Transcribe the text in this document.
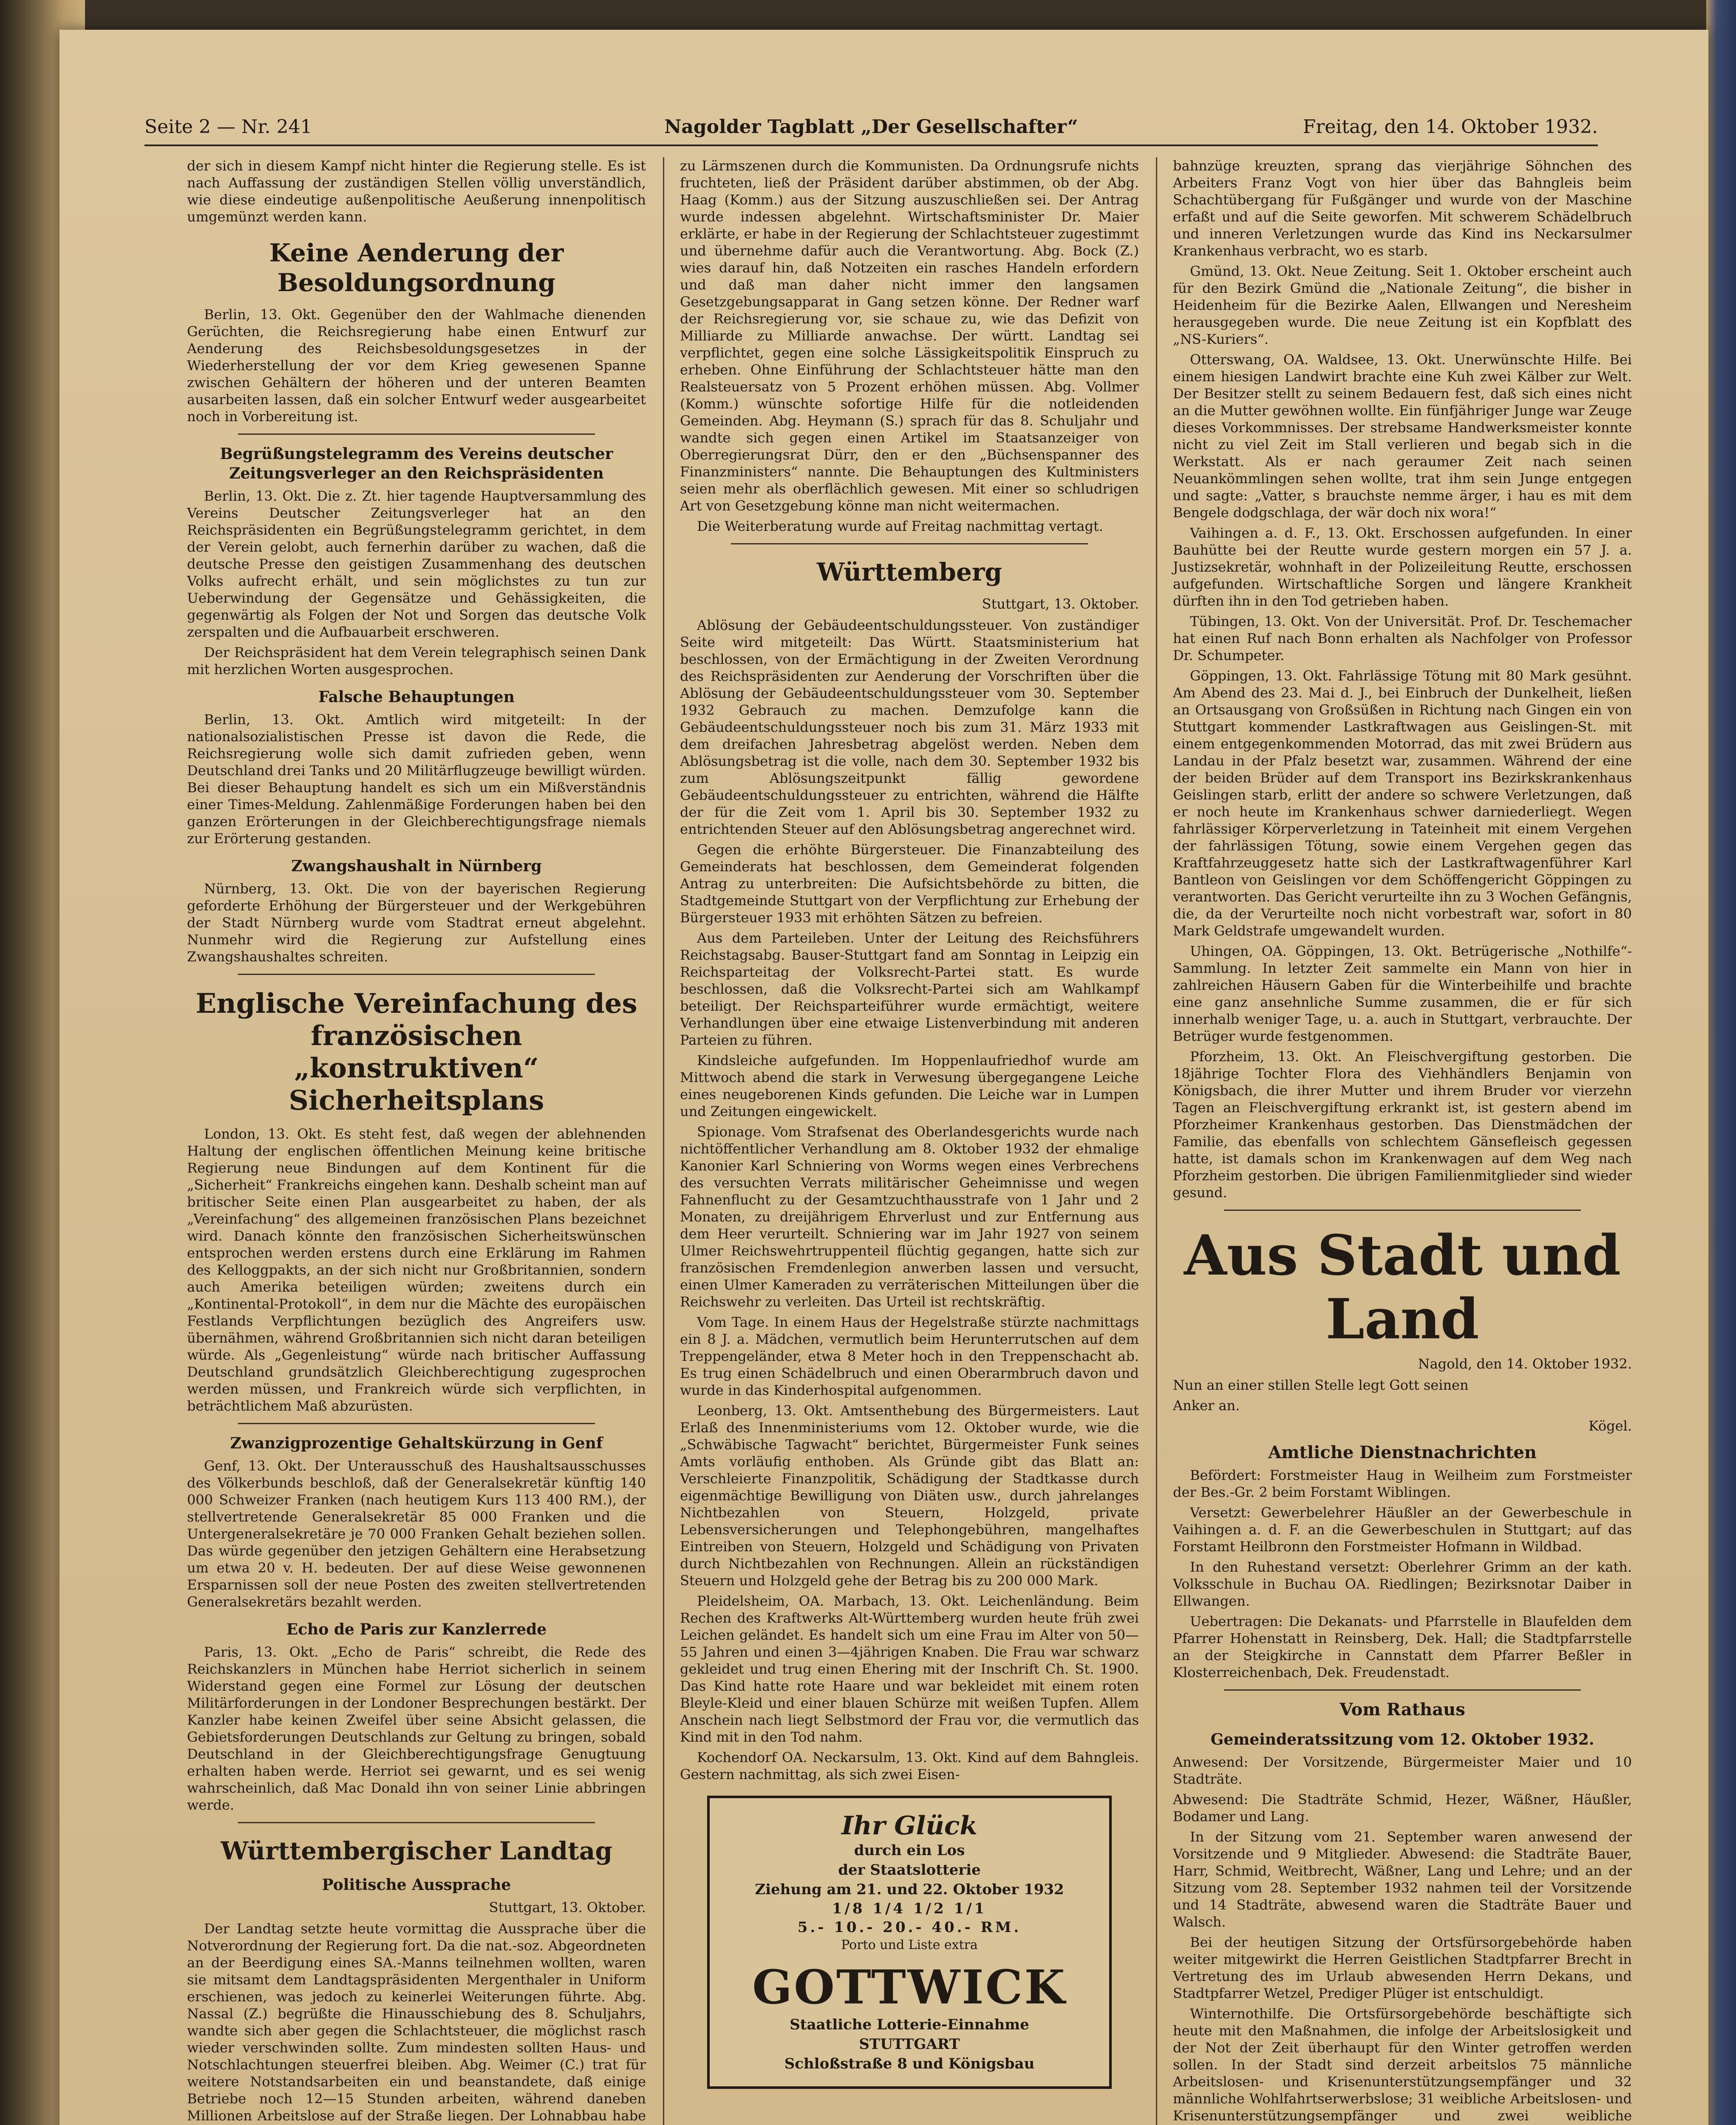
Seite 2 — Nr. 241	Nagolder Tagblatt „Der Gesellschafter“	Freitag, den 14. Oktober 1932.

der sich in diesem Kampf nicht hinter die Regierung stelle. Es ist nach Auffassung der zuständigen Stellen völlig unverständlich, wie diese eindeutige außenpolitische Aeußerung innenpolitisch umgemünzt werden kann.

Keine Aenderung der Besoldungsordnung

Berlin, 13. Okt. Gegenüber den der Wahlmache dienenden Gerüchten, die Reichsregierung habe einen Entwurf zur Aenderung des Reichsbesoldungsgesetzes in der Wiederherstellung der vor dem Krieg gewesenen Spanne zwischen Gehältern der höheren und der unteren Beamten ausarbeiten lassen, daß ein solcher Entwurf weder ausgearbeitet noch in Vorbereitung ist.

Begrüßungstelegramm des Vereins deutscher Zeitungsverleger an den Reichspräsidenten

Berlin, 13. Okt. Die z. Zt. hier tagende Hauptversammlung des Vereins Deutscher Zeitungsverleger hat an den Reichspräsidenten ein Begrüßungstelegramm gerichtet, in dem der Verein gelobt, auch fernerhin darüber zu wachen, daß die deutsche Presse den geistigen Zusammenhang des deutschen Volks aufrecht erhält, und sein möglichstes zu tun zur Ueberwindung der Gegensätze und Gehässigkeiten, die gegenwärtig als Folgen der Not und Sorgen das deutsche Volk zerspalten und die Aufbauarbeit erschweren.

Der Reichspräsident hat dem Verein telegraphisch seinen Dank mit herzlichen Worten ausgesprochen.

Falsche Behauptungen

Berlin, 13. Okt. Amtlich wird mitgeteilt: In der nationalsozialistischen Presse ist davon die Rede, die Reichsregierung wolle sich damit zufrieden geben, wenn Deutschland drei Tanks und 20 Militärflugzeuge bewilligt würden. Bei dieser Behauptung handelt es sich um ein Mißverständnis einer Times-Meldung. Zahlenmäßige Forderungen haben bei den ganzen Erörterungen in der Gleichberechtigungsfrage niemals zur Erörterung gestanden.

Zwangshaushalt in Nürnberg

Nürnberg, 13. Okt. Die von der bayerischen Regierung geforderte Erhöhung der Bürgersteuer und der Werkgebühren der Stadt Nürnberg wurde vom Stadtrat erneut abgelehnt. Nunmehr wird die Regierung zur Aufstellung eines Zwangshaushaltes schreiten.

Englische Vereinfachung des französischen „konstruktiven“ Sicherheitsplans

London, 13. Okt. Es steht fest, daß wegen der ablehnenden Haltung der englischen öffentlichen Meinung keine britische Regierung neue Bindungen auf dem Kontinent für die „Sicherheit“ Frankreichs eingehen kann. Deshalb scheint man auf britischer Seite einen Plan ausgearbeitet zu haben, der als „Vereinfachung“ des allgemeinen französischen Plans bezeichnet wird. Danach könnte den französischen Sicherheitswünschen entsprochen werden erstens durch eine Erklärung im Rahmen des Kelloggpakts, an der sich nicht nur Großbritannien, sondern auch Amerika beteiligen würden; zweitens durch ein „Kontinental-Protokoll“, in dem nur die Mächte des europäischen Festlands Verpflichtungen bezüglich des Angreifers usw. übernähmen, während Großbritannien sich nicht daran beteiligen würde. Als „Gegenleistung“ würde nach britischer Auffassung Deutschland grundsätzlich Gleichberechtigung zugesprochen werden müssen, und Frankreich würde sich verpflichten, in beträchtlichem Maß abzurüsten.

Zwanzigprozentige Gehaltskürzung in Genf

Genf, 13. Okt. Der Unterausschuß des Haushaltsausschusses des Völkerbunds beschloß, daß der Generalsekretär künftig 140 000 Schweizer Franken (nach heutigem Kurs 113 400 RM.), der stellvertretende Generalsekretär 85 000 Franken und die Untergeneralsekretäre je 70 000 Franken Gehalt beziehen sollen. Das würde gegenüber den jetzigen Gehältern eine Herabsetzung um etwa 20 v. H. bedeuten. Der auf diese Weise gewonnenen Ersparnissen soll der neue Posten des zweiten stellvertretenden Generalsekretärs bezahlt werden.

Echo de Paris zur Kanzlerrede

Paris, 13. Okt. „Echo de Paris“ schreibt, die Rede des Reichskanzlers in München habe Herriot sicherlich in seinem Widerstand gegen eine Formel zur Lösung der deutschen Militärforderungen in der Londoner Besprechungen bestärkt. Der Kanzler habe keinen Zweifel über seine Absicht gelassen, die Gebietsforderungen Deutschlands zur Geltung zu bringen, sobald Deutschland in der Gleichberechtigungsfrage Genugtuung erhalten haben werde. Herriot sei gewarnt, und es sei wenig wahrscheinlich, daß Mac Donald ihn von seiner Linie abbringen werde.

Württembergischer Landtag
Politische Aussprache
Stuttgart, 13. Oktober.

Der Landtag setzte heute vormittag die Aussprache über die Notverordnung der Regierung fort. Da die nat.-soz. Abgeordneten an der Beerdigung eines SA.-Manns teilnehmen wollten, waren sie mitsamt dem Landtagspräsidenten Mergenthaler in Uniform erschienen, was jedoch zu keinerlei Weiterungen führte. Abg. Nassal (Z.) begrüßte die Hinausschiebung des 8. Schuljahrs, wandte sich aber gegen die Schlachtsteuer, die möglichst rasch wieder verschwinden sollte. Zum mindesten sollten Haus- und Notschlachtungen steuerfrei bleiben. Abg. Weimer (C.) trat für weitere Notstandsarbeiten ein und beanstandete, daß einige Betriebe noch 12—15 Stunden arbeiten, während daneben Millionen Arbeitslose auf der Straße liegen. Der Lohnabbau habe

zu Lärmszenen durch die Kommunisten. Da Ordnungsrufe nichts fruchteten, ließ der Präsident darüber abstimmen, ob der Abg. Haag (Komm.) aus der Sitzung auszuschließen sei. Der Antrag wurde indessen abgelehnt. Wirtschaftsminister Dr. Maier erklärte, er habe in der Regierung der Schlachtsteuer zugestimmt und übernehme dafür auch die Verantwortung. Abg. Bock (Z.) wies darauf hin, daß Notzeiten ein rasches Handeln erfordern und daß man daher nicht immer den langsamen Gesetzgebungsapparat in Gang setzen könne. Der Redner warf der Reichsregierung vor, sie schaue zu, wie das Defizit von Milliarde zu Milliarde anwachse. Der württ. Landtag sei verpflichtet, gegen eine solche Lässigkeitspolitik Einspruch zu erheben. Ohne Einführung der Schlachtsteuer hätte man den Realsteuersatz von 5 Prozent erhöhen müssen. Abg. Vollmer (Komm.) wünschte sofortige Hilfe für die notleidenden Gemeinden. Abg. Heymann (S.) sprach für das 8. Schuljahr und wandte sich gegen einen Artikel im Staatsanzeiger von Oberregierungsrat Dürr, den er den „Büchsenspanner des Finanzministers“ nannte. Die Behauptungen des Kultministers seien mehr als oberflächlich gewesen. Mit einer so schludrigen Art von Gesetzgebung könne man nicht weitermachen.

Die Weiterberatung wurde auf Freitag nachmittag vertagt.

Württemberg
Stuttgart, 13. Oktober.

Ablösung der Gebäudeentschuldungssteuer. Von zuständiger Seite wird mitgeteilt: Das Württ. Staatsministerium hat beschlossen, von der Ermächtigung in der Zweiten Verordnung des Reichspräsidenten zur Aenderung der Vorschriften über die Ablösung der Gebäudeentschuldungssteuer vom 30. September 1932 Gebrauch zu machen. Demzufolge kann die Gebäudeentschuldungssteuer noch bis zum 31. März 1933 mit dem dreifachen Jahresbetrag abgelöst werden. Neben dem Ablösungsbetrag ist die volle, nach dem 30. September 1932 bis zum Ablösungszeitpunkt fällig gewordene Gebäudeentschuldungssteuer zu entrichten, während die Hälfte der für die Zeit vom 1. April bis 30. September 1932 zu entrichtenden Steuer auf den Ablösungsbetrag angerechnet wird.

Gegen die erhöhte Bürgersteuer. Die Finanzabteilung des Gemeinderats hat beschlossen, dem Gemeinderat folgenden Antrag zu unterbreiten: Die Aufsichtsbehörde zu bitten, die Stadtgemeinde Stuttgart von der Verpflichtung zur Erhebung der Bürgersteuer 1933 mit erhöhten Sätzen zu befreien.

Aus dem Parteileben. Unter der Leitung des Reichsführers Reichstagsabg. Bauser-Stuttgart fand am Sonntag in Leipzig ein Reichsparteitag der Volksrecht-Partei statt. Es wurde beschlossen, daß die Volksrecht-Partei sich am Wahlkampf beteiligt. Der Reichsparteiführer wurde ermächtigt, weitere Verhandlungen über eine etwaige Listenverbindung mit anderen Parteien zu führen.

Kindsleiche aufgefunden. Im Hoppenlaufriedhof wurde am Mittwoch abend die stark in Verwesung übergegangene Leiche eines neugeborenen Kinds gefunden. Die Leiche war in Lumpen und Zeitungen eingewickelt.

Spionage. Vom Strafsenat des Oberlandesgerichts wurde nach nichtöffentlicher Verhandlung am 8. Oktober 1932 der ehmalige Kanonier Karl Schniering von Worms wegen eines Verbrechens des versuchten Verrats militärischer Geheimnisse und wegen Fahnenflucht zu der Gesamtzuchthausstrafe von 1 Jahr und 2 Monaten, zu dreijährigem Ehrverlust und zur Entfernung aus dem Heer verurteilt. Schniering war im Jahr 1927 von seinem Ulmer Reichswehrtruppenteil flüchtig gegangen, hatte sich zur französischen Fremdenlegion anwerben lassen und versucht, einen Ulmer Kameraden zu verräterischen Mitteilungen über die Reichswehr zu verleiten. Das Urteil ist rechtskräftig.

Vom Tage. In einem Haus der Hegelstraße stürzte nachmittags ein 8 J. a. Mädchen, vermutlich beim Herunterrutschen auf dem Treppengeländer, etwa 8 Meter hoch in den Treppenschacht ab. Es trug einen Schädelbruch und einen Oberarmbruch davon und wurde in das Kinderhospital aufgenommen.

Leonberg, 13. Okt. Amtsenthebung des Bürgermeisters. Laut Erlaß des Innenministeriums vom 12. Oktober wurde, wie die „Schwäbische Tagwacht“ berichtet, Bürgermeister Funk seines Amts vorläufig enthoben. Als Gründe gibt das Blatt an: Verschleierte Finanzpolitik, Schädigung der Stadtkasse durch eigenmächtige Bewilligung von Diäten usw., durch jahrelanges Nichtbezahlen von Steuern, Holzgeld, private Lebensversicherungen und Telephongebühren, mangelhaftes Eintreiben von Steuern, Holzgeld und Schädigung von Privaten durch Nichtbezahlen von Rechnungen. Allein an rückständigen Steuern und Holzgeld gehe der Betrag bis zu 200 000 Mark.

Pleidelsheim, OA. Marbach, 13. Okt. Leichenländung. Beim Rechen des Kraftwerks Alt-Württemberg wurden heute früh zwei Leichen geländet. Es handelt sich um eine Frau im Alter von 50—55 Jahren und einen 3—4jährigen Knaben. Die Frau war schwarz gekleidet und trug einen Ehering mit der Inschrift Ch. St. 1900. Das Kind hatte rote Haare und war bekleidet mit einem roten Bleyle-Kleid und einer blauen Schürze mit weißen Tupfen. Allem Anschein nach liegt Selbstmord der Frau vor, die vermutlich das Kind mit in den Tod nahm.

Kochendorf OA. Neckarsulm, 13. Okt. Kind auf dem Bahngleis. Gestern nachmittag, als sich zwei Eisen-

Ihr Glück
durch ein Los
der Staatslotterie
Ziehung am 21. und 22. Oktober 1932
1/8 1/4 1/2 1/1
5.- 10.- 20.- 40.- RM.
Porto und Liste extra
GOTTWICK
Staatliche Lotterie-Einnahme
STUTTGART
Schloßstraße 8 und Königsbau

bahnzüge kreuzten, sprang das vierjährige Söhnchen des Arbeiters Franz Vogt von hier über das Bahngleis beim Schachtübergang für Fußgänger und wurde von der Maschine erfaßt und auf die Seite geworfen. Mit schwerem Schädelbruch und inneren Verletzungen wurde das Kind ins Neckarsulmer Krankenhaus verbracht, wo es starb.

Gmünd, 13. Okt. Neue Zeitung. Seit 1. Oktober erscheint auch für den Bezirk Gmünd die „Nationale Zeitung“, die bisher in Heidenheim für die Bezirke Aalen, Ellwangen und Neresheim herausgegeben wurde. Die neue Zeitung ist ein Kopfblatt des „NS-Kuriers“.

Otterswang, OA. Waldsee, 13. Okt. Unerwünschte Hilfe. Bei einem hiesigen Landwirt brachte eine Kuh zwei Kälber zur Welt. Der Besitzer stellt zu seinem Bedauern fest, daß sich eines nicht an die Mutter gewöhnen wollte. Ein fünfjähriger Junge war Zeuge dieses Vorkommnisses. Der strebsame Handwerksmeister konnte nicht zu viel Zeit im Stall verlieren und begab sich in die Werkstatt. Als er nach geraumer Zeit nach seinen Neuankömmlingen sehen wollte, trat ihm sein Junge entgegen und sagte: „Vatter, s brauchste nemme ärger, i hau es mit dem Bengele dodgschlaga, der wär doch nix wora!“

Vaihingen a. d. F., 13. Okt. Erschossen aufgefunden. In einer Bauhütte bei der Reutte wurde gestern morgen ein 57 J. a. Justizsekretär, wohnhaft in der Polizeileitung Reutte, erschossen aufgefunden. Wirtschaftliche Sorgen und längere Krankheit dürften ihn in den Tod getrieben haben.

Tübingen, 13. Okt. Von der Universität. Prof. Dr. Teschemacher hat einen Ruf nach Bonn erhalten als Nachfolger von Professor Dr. Schumpeter.

Göppingen, 13. Okt. Fahrlässige Tötung mit 80 Mark gesühnt. Am Abend des 23. Mai d. J., bei Einbruch der Dunkelheit, ließen an Ortsausgang von Großsüßen in Richtung nach Gingen ein von Stuttgart kommender Lastkraftwagen aus Geislingen-St. mit einem entgegenkommenden Motorrad, das mit zwei Brüdern aus Landau in der Pfalz besetzt war, zusammen. Während der eine der beiden Brüder auf dem Transport ins Bezirkskrankenhaus Geislingen starb, erlitt der andere so schwere Verletzungen, daß er noch heute im Krankenhaus schwer darniederliegt. Wegen fahrlässiger Körperverletzung in Tateinheit mit einem Vergehen der fahrlässigen Tötung, sowie einem Vergehen gegen das Kraftfahrzeuggesetz hatte sich der Lastkraftwagenführer Karl Bantleon von Geislingen vor dem Schöffengericht Göppingen zu verantworten. Das Gericht verurteilte ihn zu 3 Wochen Gefängnis, die, da der Verurteilte noch nicht vorbestraft war, sofort in 80 Mark Geldstrafe umgewandelt wurden.

Uhingen, OA. Göppingen, 13. Okt. Betrügerische „Nothilfe“-Sammlung. In letzter Zeit sammelte ein Mann von hier in zahlreichen Häusern Gaben für die Winterbeihilfe und brachte eine ganz ansehnliche Summe zusammen, die er für sich innerhalb weniger Tage, u. a. auch in Stuttgart, verbrauchte. Der Betrüger wurde festgenommen.

Pforzheim, 13. Okt. An Fleischvergiftung gestorben. Die 18jährige Tochter Flora des Viehhändlers Benjamin von Königsbach, die ihrer Mutter und ihrem Bruder vor vierzehn Tagen an Fleischvergiftung erkrankt ist, ist gestern abend im Pforzheimer Krankenhaus gestorben. Das Dienstmädchen der Familie, das ebenfalls von schlechtem Gänsefleisch gegessen hatte, ist damals schon im Krankenwagen auf dem Weg nach Pforzheim gestorben. Die übrigen Familienmitglieder sind wieder gesund.

Aus Stadt und Land
Nagold, den 14. Oktober 1932.

Nun an einer stillen Stelle legt Gott seinen

Anker an.

Kögel.
Amtliche Dienstnachrichten

Befördert: Forstmeister Haug in Weilheim zum Forstmeister der Bes.-Gr. 2 beim Forstamt Wiblingen.

Versetzt: Gewerbelehrer Häußler an der Gewerbeschule in Vaihingen a. d. F. an die Gewerbeschulen in Stuttgart; auf das Forstamt Heilbronn den Forstmeister Hofmann in Wildbad.

In den Ruhestand versetzt: Oberlehrer Grimm an der kath. Volksschule in Buchau OA. Riedlingen; Bezirksnotar Daiber in Ellwangen.

Uebertragen: Die Dekanats- und Pfarrstelle in Blaufelden dem Pfarrer Hohenstatt in Reinsberg, Dek. Hall; die Stadtpfarrstelle an der Steigkirche in Cannstatt dem Pfarrer Beßler in Klosterreichenbach, Dek. Freudenstadt.

Vom Rathaus
Gemeinderatssitzung vom 12. Oktober 1932.

Anwesend: Der Vorsitzende, Bürgermeister Maier und 10 Stadträte.

Abwesend: Die Stadträte Schmid, Hezer, Wäßner, Häußler, Bodamer und Lang.

In der Sitzung vom 21. September waren anwesend der Vorsitzende und 9 Mitglieder. Abwesend: die Stadträte Bauer, Harr, Schmid, Weitbrecht, Wäßner, Lang und Lehre; und an der Sitzung vom 28. September 1932 nahmen teil der Vorsitzende und 14 Stadträte, abwesend waren die Stadträte Bauer und Walsch.

Bei der heutigen Sitzung der Ortsfürsorgebehörde haben weiter mitgewirkt die Herren Geistlichen Stadtpfarrer Brecht in Vertretung des im Urlaub abwesenden Herrn Dekans, und Stadtpfarrer Wetzel, Prediger Plüger ist entschuldigt.

Winternothilfe. Die Ortsfürsorgebehörde beschäftigte sich heute mit den Maßnahmen, die infolge der Arbeitslosigkeit und der Not der Zeit überhaupt für den Winter getroffen werden sollen. In der Stadt sind derzeit arbeitslos 75 männliche Arbeitslosen- und Krisenunterstützungsempfänger und 32 männliche Wohlfahrtserwerbslose; 31 weibliche Arbeitslosen- und Krisenunterstützungsempfänger und zwei weibliche
